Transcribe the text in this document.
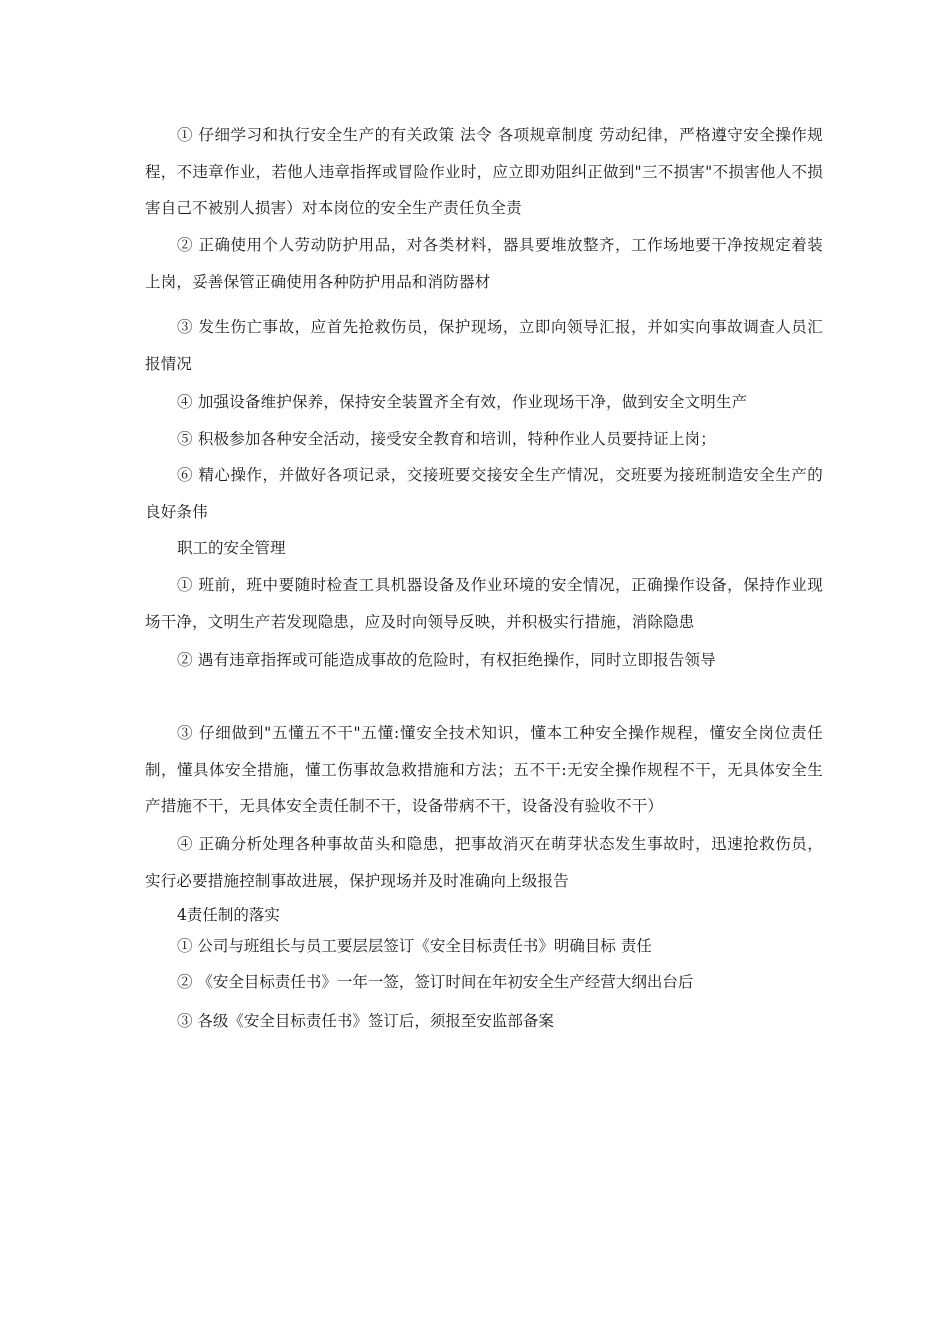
① 仔细学习和执行安全生产的有关政策 法令 各项规章制度 劳动纪律，严格遵守安全操作规程，不违章作业，若他人违章指挥或冒险作业时，应立即劝阻纠正做到"三不损害"不损害他人不损害自己不被别人损害）对本岗位的安全生产责任负全责

② 正确使用个人劳动防护用品，对各类材料，器具要堆放整齐，工作场地要干净按规定着装上岗，妥善保管正确使用各种防护用品和消防器材

③ 发生伤亡事故，应首先抢救伤员，保护现场，立即向领导汇报，并如实向事故调查人员汇报情况

④ 加强设备维护保养，保持安全装置齐全有效，作业现场干净，做到安全文明生产

⑤ 积极参加各种安全活动，接受安全教育和培训，特种作业人员要持证上岗；

⑥ 精心操作，并做好各项记录，交接班要交接安全生产情况，交班要为接班制造安全生产的良好条伟

职工的安全管理

① 班前，班中要随时检查工具机器设备及作业环境的安全情况，正确操作设备，保持作业现场干净，文明生产若发现隐患，应及时向领导反映，并积极实行措施，消除隐患

② 遇有违章指挥或可能造成事故的危险时，有权拒绝操作，同时立即报告领导

③ 仔细做到"五懂五不干"五懂:懂安全技术知识，懂本工种安全操作规程，懂安全岗位责任制，懂具体安全措施，懂工伤事故急救措施和方法；五不干:无安全操作规程不干，无具体安全生产措施不干，无具体安全责任制不干，设备带病不干，设备没有验收不干）

④ 正确分析处理各种事故苗头和隐患，把事故消灭在萌芽状态发生事故时，迅速抢救伤员，实行必要措施控制事故进展，保护现场并及时准确向上级报告

4责任制的落实

① 公司与班组长与员工要层层签订《安全目标责任书》明确目标 责任

② 《安全目标责任书》一年一签，签订时间在年初安全生产经营大纲出台后

③ 各级《安全目标责任书》签订后，须报至安监部备案
